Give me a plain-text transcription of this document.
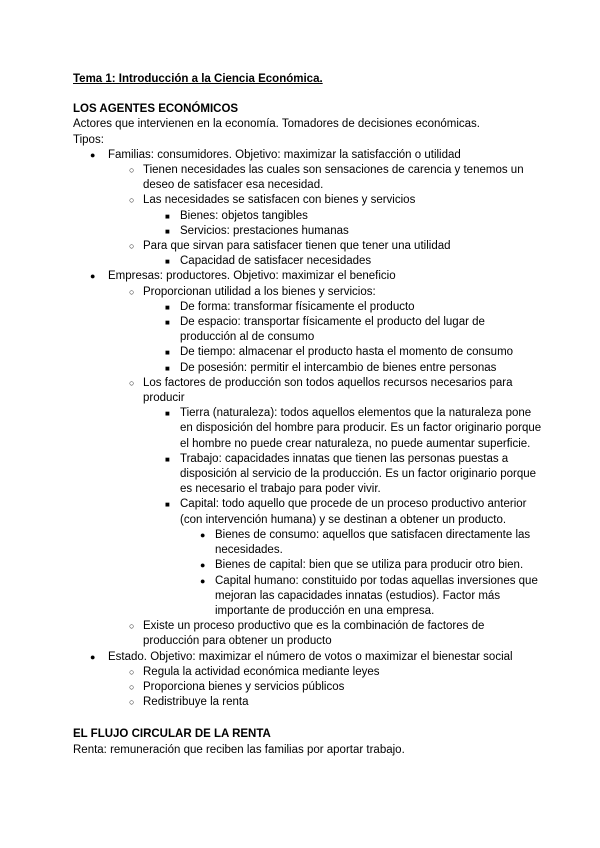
Tema 1: Introducción a la Ciencia Económica.
LOS AGENTES ECONÓMICOS

Actores que intervienen en la economía. Tomadores de decisiones económicas.

Tipos:

● Familias: consumidores. Objetivo: maximizar la satisfacción o utilidad
○ Tienen necesidades las cuales son sensaciones de carencia y tenemos un deseo de satisfacer esa necesidad.
○ Las necesidades se satisfacen con bienes y servicios
■ Bienes: objetos tangibles
■ Servicios: prestaciones humanas
○ Para que sirvan para satisfacer tienen que tener una utilidad
■ Capacidad de satisfacer necesidades
● Empresas: productores. Objetivo: maximizar el beneficio
○ Proporcionan utilidad a los bienes y servicios:
■ De forma: transformar físicamente el producto
■ De espacio: transportar físicamente el producto del lugar de producción al de consumo
■ De tiempo: almacenar el producto hasta el momento de consumo
■ De posesión: permitir el intercambio de bienes entre personas
○ Los factores de producción son todos aquellos recursos necesarios para producir
■ Tierra (naturaleza): todos aquellos elementos que la naturaleza pone en disposición del hombre para producir. Es un factor originario porque el hombre no puede crear naturaleza, no puede aumentar superficie.
■ Trabajo: capacidades innatas que tienen las personas puestas a disposición al servicio de la producción. Es un factor originario porque es necesario el trabajo para poder vivir.
■ Capital: todo aquello que procede de un proceso productivo anterior (con intervención humana) y se destinan a obtener un producto.
● Bienes de consumo: aquellos que satisfacen directamente las necesidades.
● Bienes de capital: bien que se utiliza para producir otro bien.
● Capital humano: constituido por todas aquellas inversiones que mejoran las capacidades innatas (estudios). Factor más importante de producción en una empresa.
○ Existe un proceso productivo que es la combinación de factores de producción para obtener un producto
● Estado. Objetivo: maximizar el número de votos o maximizar el bienestar social
○ Regula la actividad económica mediante leyes
○ Proporciona bienes y servicios públicos
○ Redistribuye la renta
EL FLUJO CIRCULAR DE LA RENTA

Renta: remuneración que reciben las familias por aportar trabajo.
